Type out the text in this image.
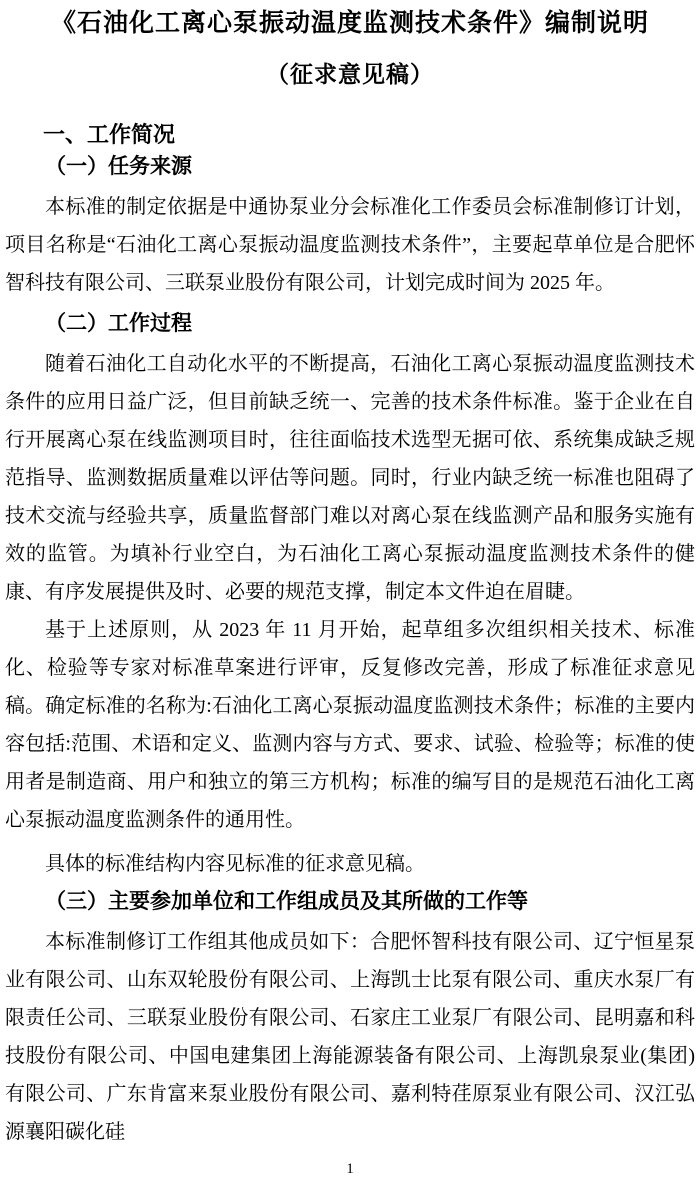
《石油化工离心泵振动温度监测技术条件》编制说明
（征求意见稿）
一、工作简况
（一）任务来源

本标准的制定依据是中通协泵业分会标准化工作委员会标准制修订计划，项目名称是“石油化工离心泵振动温度监测技术条件”，主要起草单位是合肥怀智科技有限公司、三联泵业股份有限公司，计划完成时间为 2025 年。

（二）工作过程

随着石油化工自动化水平的不断提高，石油化工离心泵振动温度监测技术条件的应用日益广泛，但目前缺乏统一、完善的技术条件标准。鉴于企业在自行开展离心泵在线监测项目时，往往面临技术选型无据可依、系统集成缺乏规范指导、监测数据质量难以评估等问题。同时，行业内缺乏统一标准也阻碍了技术交流与经验共享，质量监督部门难以对离心泵在线监测产品和服务实施有效的监管。为填补行业空白，为石油化工离心泵振动温度监测技术条件的健康、有序发展提供及时、必要的规范支撑，制定本文件迫在眉睫。

基于上述原则，从 2023 年 11 月开始，起草组多次组织相关技术、标准化、检验等专家对标准草案进行评审，反复修改完善，形成了标准征求意见稿。确定标准的名称为:石油化工离心泵振动温度监测技术条件；标准的主要内容包括:范围、术语和定义、监测内容与方式、要求、试验、检验等；标准的使用者是制造商、用户和独立的第三方机构；标准的编写目的是规范石油化工离心泵振动温度监测条件的通用性。

具体的标准结构内容见标准的征求意见稿。

（三）主要参加单位和工作组成员及其所做的工作等

本标准制修订工作组其他成员如下：合肥怀智科技有限公司、辽宁恒星泵业有限公司、山东双轮股份有限公司、上海凯士比泵有限公司、重庆水泵厂有限责任公司、三联泵业股份有限公司、石家庄工业泵厂有限公司、昆明嘉和科技股份有限公司、中国电建集团上海能源装备有限公司、上海凯泉泵业(集团)有限公司、广东肯富来泵业股份有限公司、嘉利特荏原泵业有限公司、汉江弘源襄阳碳化硅

1
